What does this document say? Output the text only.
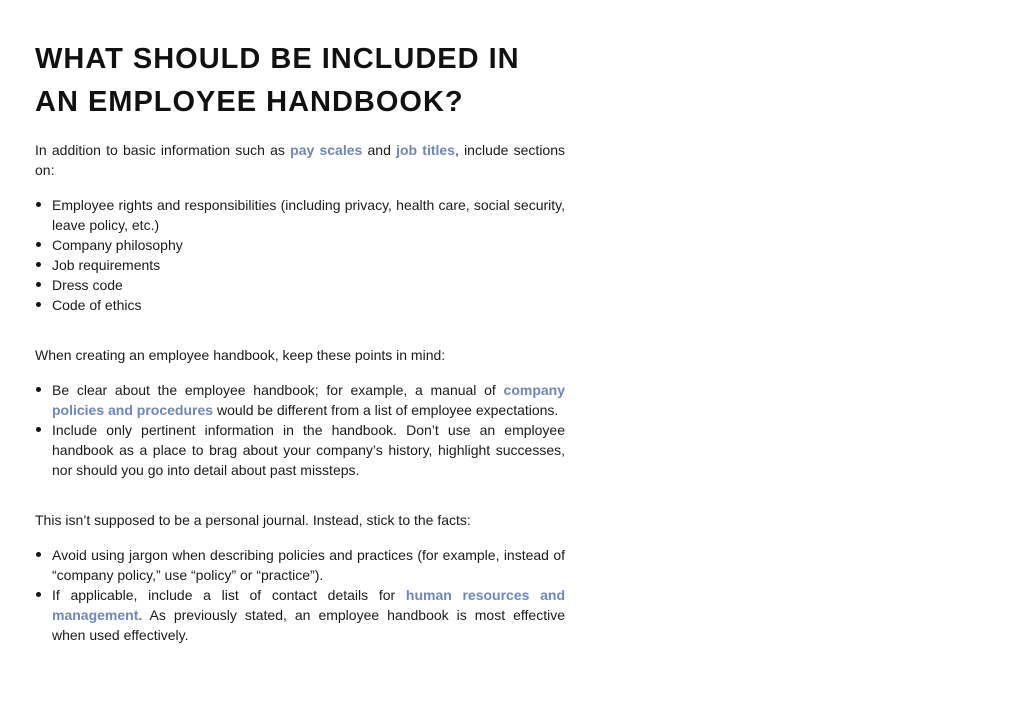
WHAT SHOULD BE INCLUDED IN
AN EMPLOYEE HANDBOOK?

In addition to basic information such as pay scales and job titles, include sections on:

Employee rights and responsibilities (including privacy, health care, social security, leave policy, etc.)
Company philosophy
Job requirements
Dress code
Code of ethics

When creating an employee handbook, keep these points in mind:

Be clear about the employee handbook; for example, a manual of company policies and procedures would be different from a list of employee expectations.
Include only pertinent information in the handbook. Don’t use an employee handbook as a place to brag about your company’s history, highlight successes, nor should you go into detail about past missteps.

This isn’t supposed to be a personal journal. Instead, stick to the facts:

Avoid using jargon when describing policies and practices (for example, instead of “company policy,” use “policy” or “practice”).
If applicable, include a list of contact details for human resources and management. As previously stated, an employee handbook is most effective when used effectively.
